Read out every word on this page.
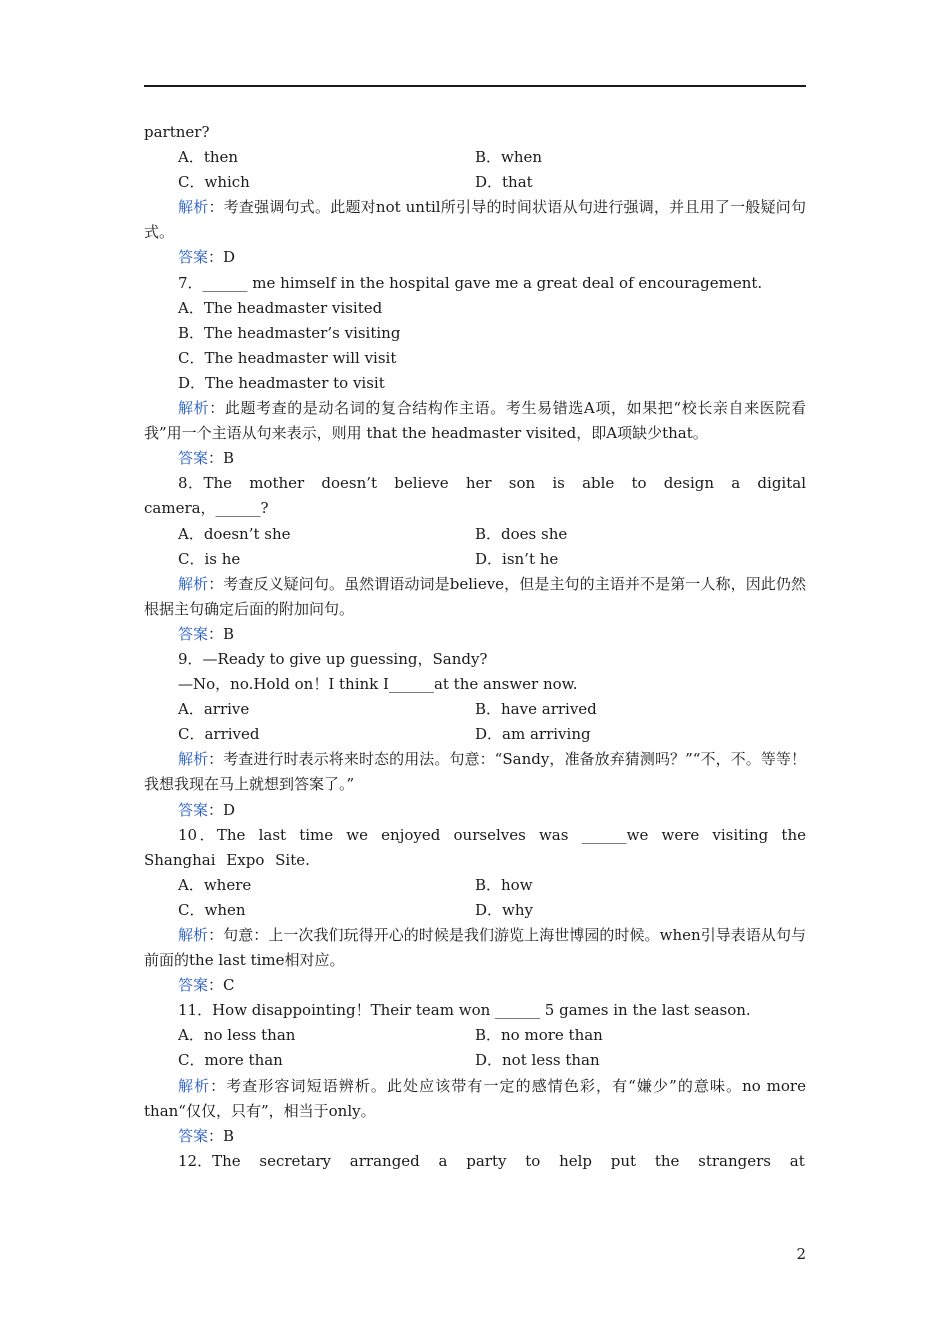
partner?
A．then	B．when
C．which	D．that
解析：考查强调句式。此题对not until所引导的时间状语从句进行强调，并且用了一般疑问句式。
答案：D
7．______ me himself in the hospital gave me a great deal of encouragement.
A．The headmaster visited
B．The headmaster’s visiting
C．The headmaster will visit
D．The headmaster to visit
解析：此题考查的是动名词的复合结构作主语。考生易错选A项，如果把“校长亲自来医院看我”用一个主语从句来表示，则用 that the headmaster visited，即A项缺少that。
答案：B
8．The mother doesn’t believe her son is able to design a digital camera，______?
A．doesn’t she	B．does she
C．is he	D．isn’t he
解析：考查反义疑问句。虽然谓语动词是believe，但是主句的主语并不是第一人称，因此仍然根据主句确定后面的附加问句。
答案：B
9．—Ready to give up guessing，Sandy?
—No，no.Hold on！I think I______at the answer now.
A．arrive	B．have arrived
C．arrived	D．am arriving
解析：考查进行时表示将来时态的用法。句意：“Sandy，准备放弃猜测吗？”“不，不。等等！我想我现在马上就想到答案了。”
答案：D
10．The last time we enjoyed ourselves was ______we were visiting the Shanghai Expo Site.
A．where	B．how
C．when	D．why
解析：句意：上一次我们玩得开心的时候是我们游览上海世博园的时候。when引导表语从句与前面的the last time相对应。
答案：C
11．How disappointing！Their team won ______ 5 games in the last season.
A．no less than	B．no more than
C．more than	D．not less than
解析：考查形容词短语辨析。此处应该带有一定的感情色彩，有“嫌少”的意味。no more than“仅仅，只有”，相当于only。
答案：B
12．The secretary arranged a party to help put the strangers at
2
